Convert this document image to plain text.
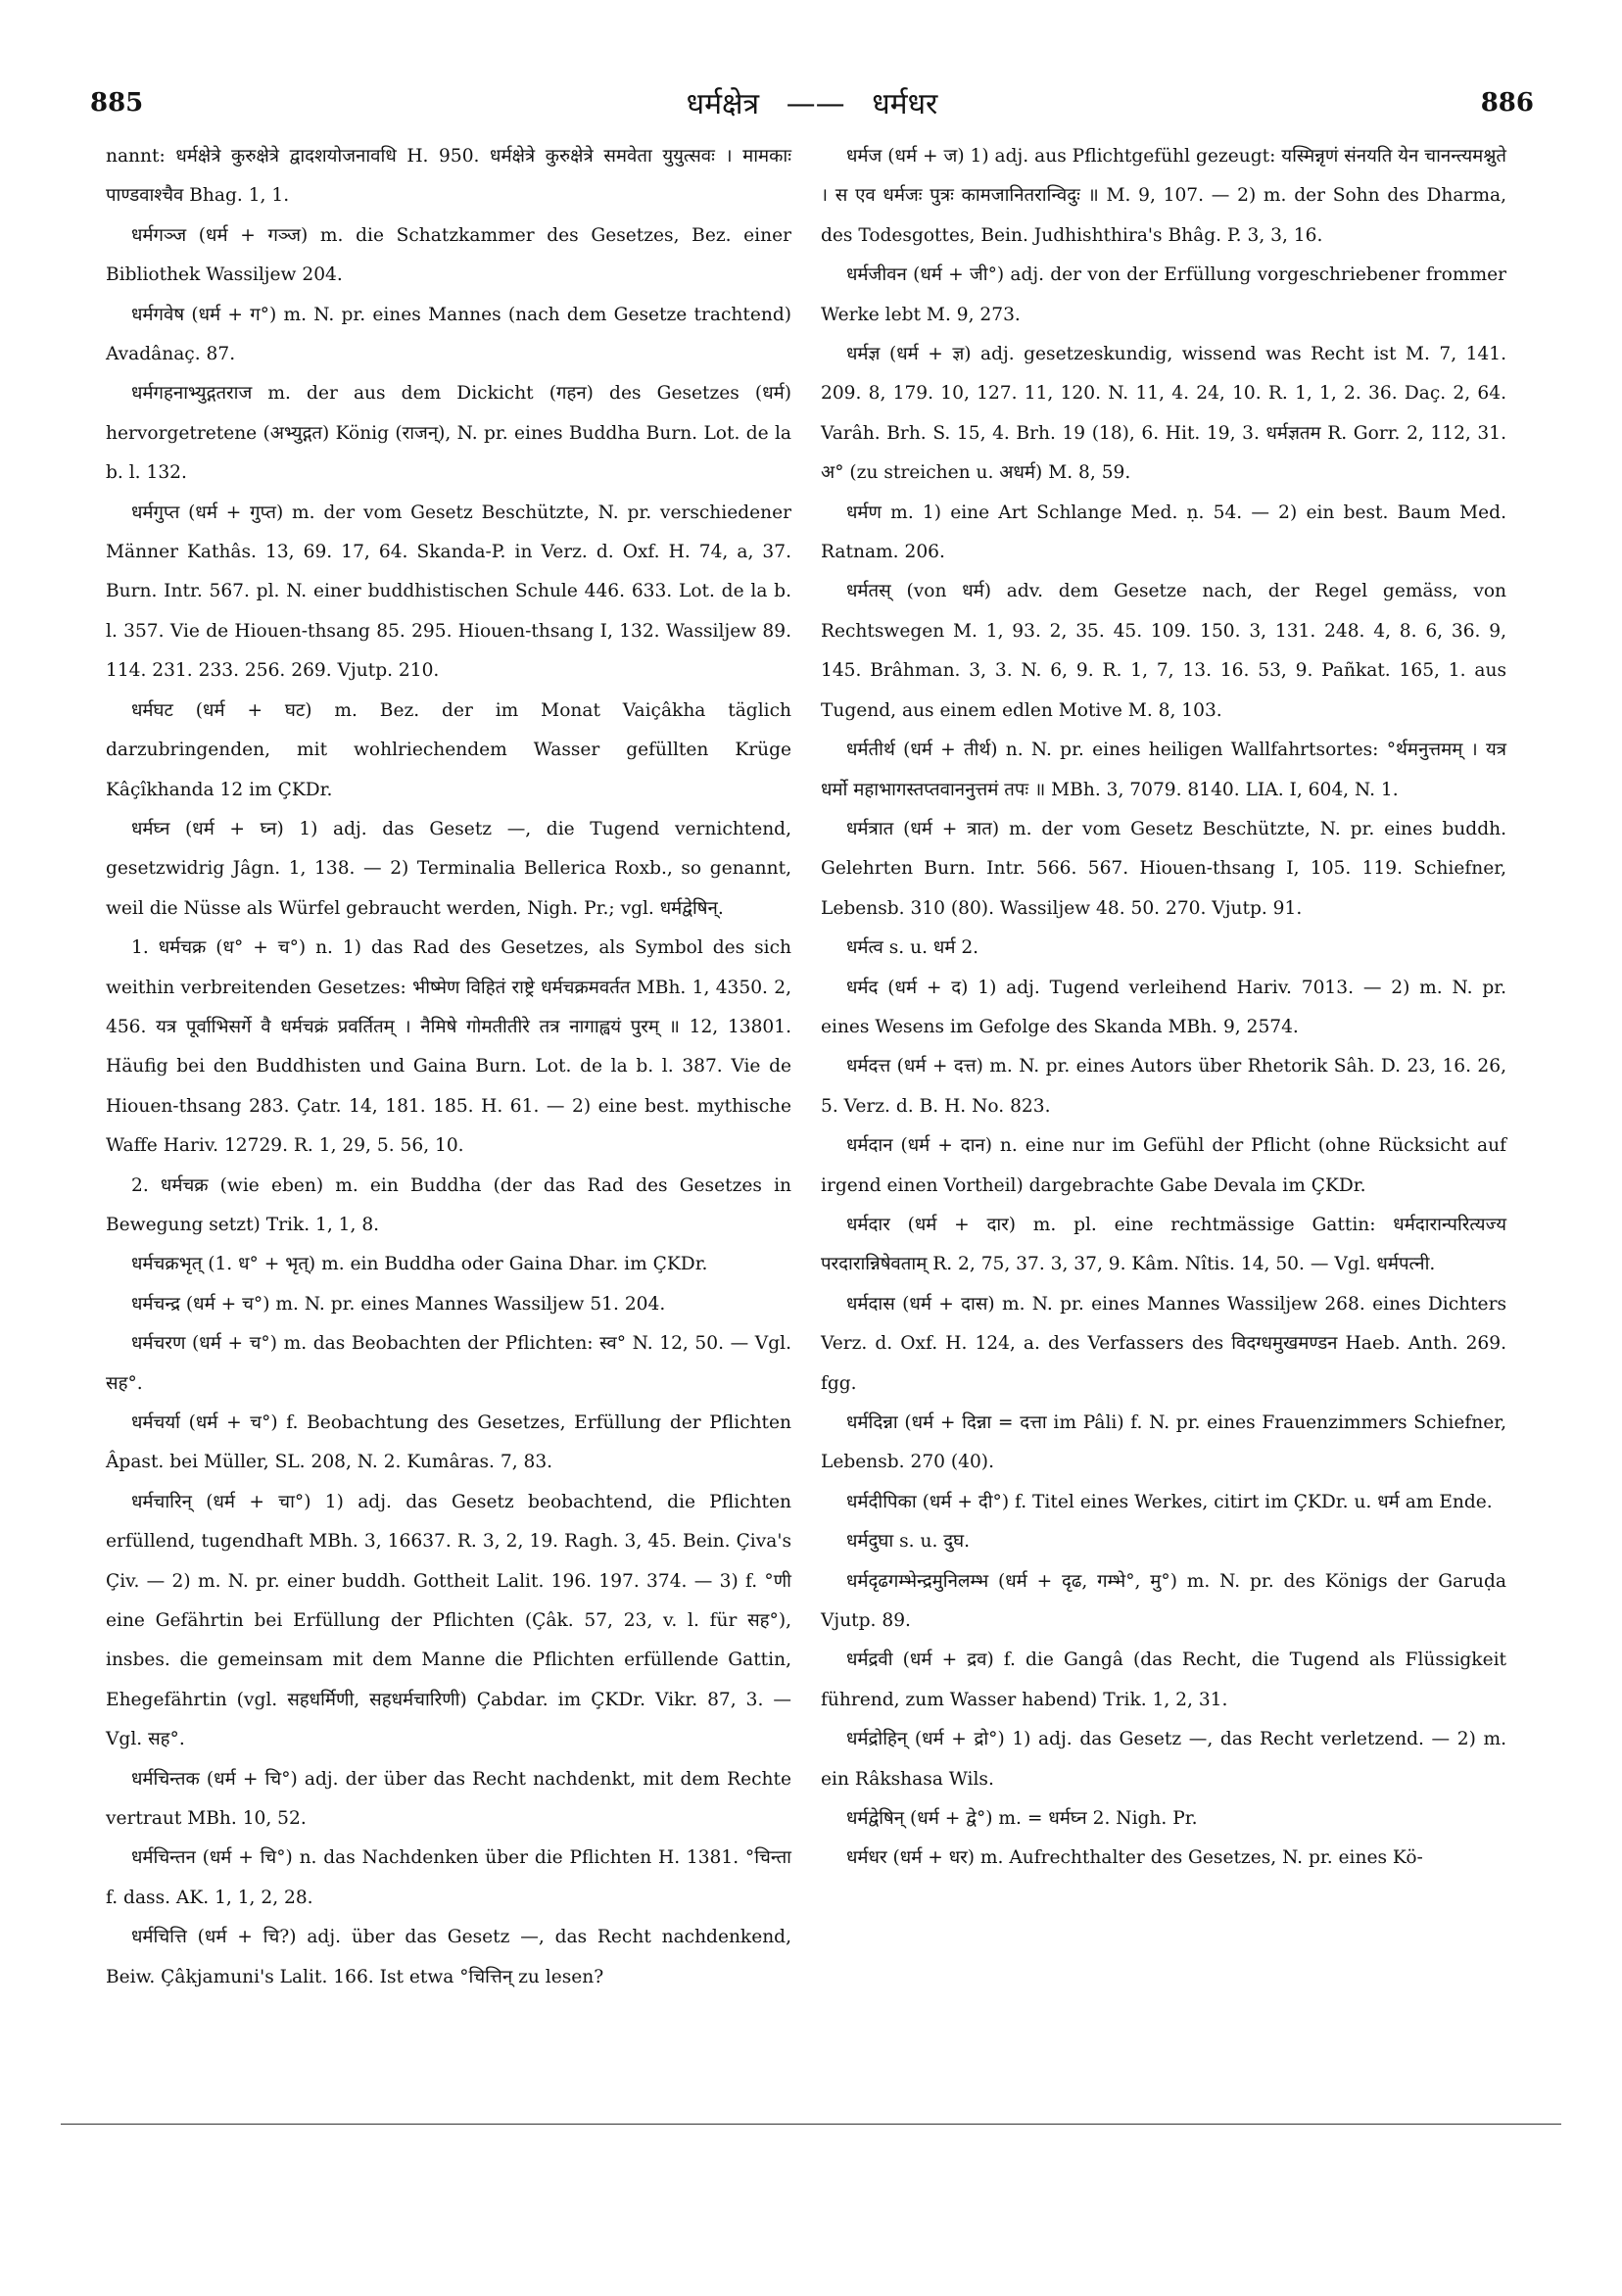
885	धर्मक्षेत्र —— धर्मधर	886

nannt: धर्मक्षेत्रे कुरुक्षेत्रे द्वादशयोजनावधि H. 950. धर्मक्षेत्रे कुरुक्षेत्रे समवेता युयुत्सवः । मामकाः पाण्डवाश्चैव Bhag. 1, 1.

धर्मगञ्ज (धर्म + गञ्ज) m. die Schatzkammer des Gesetzes, Bez. einer Bibliothek Wassiljew 204.

धर्मगवेष (धर्म + ग°) m. N. pr. eines Mannes (nach dem Gesetze trachtend) Avadânaç. 87.

धर्मगहनाभ्युद्गतराज m. der aus dem Dickicht (गहन) des Gesetzes (धर्म) hervorgetretene (अभ्युद्गत) König (राजन्), N. pr. eines Buddha Burn. Lot. de la b. l. 132.

धर्मगुप्त (धर्म + गुप्त) m. der vom Gesetz Beschützte, N. pr. verschiedener Männer Kathâs. 13, 69. 17, 64. Skanda-P. in Verz. d. Oxf. H. 74, a, 37. Burn. Intr. 567. pl. N. einer buddhistischen Schule 446. 633. Lot. de la b. l. 357. Vie de Hiouen-thsang 85. 295. Hiouen-thsang I, 132. Wassiljew 89. 114. 231. 233. 256. 269. Vjutp. 210.

धर्मघट (धर्म + घट) m. Bez. der im Monat Vaiçâkha täglich darzubringenden, mit wohlriechendem Wasser gefüllten Krüge Kâçîkhanda 12 im ÇKDr.

धर्मघ्न (धर्म + घ्न) 1) adj. das Gesetz —, die Tugend vernichtend, gesetzwidrig Jâgn. 1, 138. — 2) Terminalia Bellerica Roxb., so genannt, weil die Nüsse als Würfel gebraucht werden, Nigh. Pr.; vgl. धर्मद्वेषिन्.

1. धर्मचक्र (ध° + च°) n. 1) das Rad des Gesetzes, als Symbol des sich weithin verbreitenden Gesetzes: भीष्मेण विहितं राष्ट्रे धर्मचक्रमवर्तत MBh. 1, 4350. 2, 456. यत्र पूर्वाभिसर्गे वै धर्मचक्रं प्रवर्तितम् । नैमिषे गोमतीतीरे तत्र नागाह्वयं पुरम् ॥ 12, 13801. Häufig bei den Buddhisten und Gaina Burn. Lot. de la b. l. 387. Vie de Hiouen-thsang 283. Çatr. 14, 181. 185. H. 61. — 2) eine best. mythische Waffe Hariv. 12729. R. 1, 29, 5. 56, 10.

2. धर्मचक्र (wie eben) m. ein Buddha (der das Rad des Gesetzes in Bewegung setzt) Trik. 1, 1, 8.

धर्मचक्रभृत् (1. ध° + भृत्) m. ein Buddha oder Gaina Dhar. im ÇKDr.

धर्मचन्द्र (धर्म + च°) m. N. pr. eines Mannes Wassiljew 51. 204.

धर्मचरण (धर्म + च°) m. das Beobachten der Pflichten: स्व° N. 12, 50. — Vgl. सह°.

धर्मचर्या (धर्म + च°) f. Beobachtung des Gesetzes, Erfüllung der Pflichten Âpast. bei Müller, SL. 208, N. 2. Kumâras. 7, 83.

धर्मचारिन् (धर्म + चा°) 1) adj. das Gesetz beobachtend, die Pflichten erfüllend, tugendhaft MBh. 3, 16637. R. 3, 2, 19. Ragh. 3, 45. Bein. Çiva's Çiv. — 2) m. N. pr. einer buddh. Gottheit Lalit. 196. 197. 374. — 3) f. °णी eine Gefährtin bei Erfüllung der Pflichten (Çâk. 57, 23, v. l. für सह°), insbes. die gemeinsam mit dem Manne die Pflichten erfüllende Gattin, Ehegefährtin (vgl. सहधर्मिणी, सहधर्मचारिणी) Çabdar. im ÇKDr. Vikr. 87, 3. — Vgl. सह°.

धर्मचिन्तक (धर्म + चि°) adj. der über das Recht nachdenkt, mit dem Rechte vertraut MBh. 10, 52.

धर्मचिन्तन (धर्म + चि°) n. das Nachdenken über die Pflichten H. 1381. °चिन्ता f. dass. AK. 1, 1, 2, 28.

धर्मचित्ति (धर्म + चि?) adj. über das Gesetz —, das Recht nachdenkend, Beiw. Çâkjamuni's Lalit. 166. Ist etwa °चित्तिन् zu lesen?

धर्मज (धर्म + ज) 1) adj. aus Pflichtgefühl gezeugt: यस्मिन्नृणं संनयति येन चानन्त्यमश्नुते । स एव धर्मजः पुत्रः कामजानितरान्विदुः ॥ M. 9, 107. — 2) m. der Sohn des Dharma, des Todesgottes, Bein. Judhishthira's Bhâg. P. 3, 3, 16.

धर्मजीवन (धर्म + जी°) adj. der von der Erfüllung vorgeschriebener frommer Werke lebt M. 9, 273.

धर्मज्ञ (धर्म + ज्ञ) adj. gesetzeskundig, wissend was Recht ist M. 7, 141. 209. 8, 179. 10, 127. 11, 120. N. 11, 4. 24, 10. R. 1, 1, 2. 36. Daç. 2, 64. Varâh. Brh. S. 15, 4. Brh. 19 (18), 6. Hit. 19, 3. धर्मज्ञतम R. Gorr. 2, 112, 31. अ° (zu streichen u. अधर्म) M. 8, 59.

धर्मण m. 1) eine Art Schlange Med. ṇ. 54. — 2) ein best. Baum Med. Ratnam. 206.

धर्मतस् (von धर्म) adv. dem Gesetze nach, der Regel gemäss, von Rechtswegen M. 1, 93. 2, 35. 45. 109. 150. 3, 131. 248. 4, 8. 6, 36. 9, 145. Brâhman. 3, 3. N. 6, 9. R. 1, 7, 13. 16. 53, 9. Pañkat. 165, 1. aus Tugend, aus einem edlen Motive M. 8, 103.

धर्मतीर्थ (धर्म + तीर्थ) n. N. pr. eines heiligen Wallfahrtsortes: °र्थमनुत्तमम् । यत्र धर्मो महाभागस्तप्तवाननुत्तमं तपः ॥ MBh. 3, 7079. 8140. LIA. I, 604, N. 1.

धर्मत्रात (धर्म + त्रात) m. der vom Gesetz Beschützte, N. pr. eines buddh. Gelehrten Burn. Intr. 566. 567. Hiouen-thsang I, 105. 119. Schiefner, Lebensb. 310 (80). Wassiljew 48. 50. 270. Vjutp. 91.

धर्मत्व s. u. धर्म 2.

धर्मद (धर्म + द) 1) adj. Tugend verleihend Hariv. 7013. — 2) m. N. pr. eines Wesens im Gefolge des Skanda MBh. 9, 2574.

धर्मदत्त (धर्म + दत्त) m. N. pr. eines Autors über Rhetorik Sâh. D. 23, 16. 26, 5. Verz. d. B. H. No. 823.

धर्मदान (धर्म + दान) n. eine nur im Gefühl der Pflicht (ohne Rücksicht auf irgend einen Vortheil) dargebrachte Gabe Devala im ÇKDr.

धर्मदार (धर्म + दार) m. pl. eine rechtmässige Gattin: धर्मदारान्परित्यज्य परदारान्निषेवताम् R. 2, 75, 37. 3, 37, 9. Kâm. Nîtis. 14, 50. — Vgl. धर्मपत्नी.

धर्मदास (धर्म + दास) m. N. pr. eines Mannes Wassiljew 268. eines Dichters Verz. d. Oxf. H. 124, a. des Verfassers des विदग्धमुखमण्डन Haeb. Anth. 269. fgg.

धर्मदिन्ना (धर्म + दिन्ना = दत्ता im Pâli) f. N. pr. eines Frauenzimmers Schiefner, Lebensb. 270 (40).

धर्मदीपिका (धर्म + दी°) f. Titel eines Werkes, citirt im ÇKDr. u. धर्म am Ende.

धर्मदुघा s. u. दुघ.

धर्मदृढगम्भेन्द्रमुनिलम्भ (धर्म + दृढ, गम्भे°, मु°) m. N. pr. des Königs der Garuḍa Vjutp. 89.

धर्मद्रवी (धर्म + द्रव) f. die Gangâ (das Recht, die Tugend als Flüssigkeit führend, zum Wasser habend) Trik. 1, 2, 31.

धर्मद्रोहिन् (धर्म + द्रो°) 1) adj. das Gesetz —, das Recht verletzend. — 2) m. ein Râkshasa Wils.

धर्मद्वेषिन् (धर्म + द्वे°) m. = धर्मघ्न 2. Nigh. Pr.

धर्मधर (धर्म + धर) m. Aufrechthalter des Gesetzes, N. pr. eines Kö-
